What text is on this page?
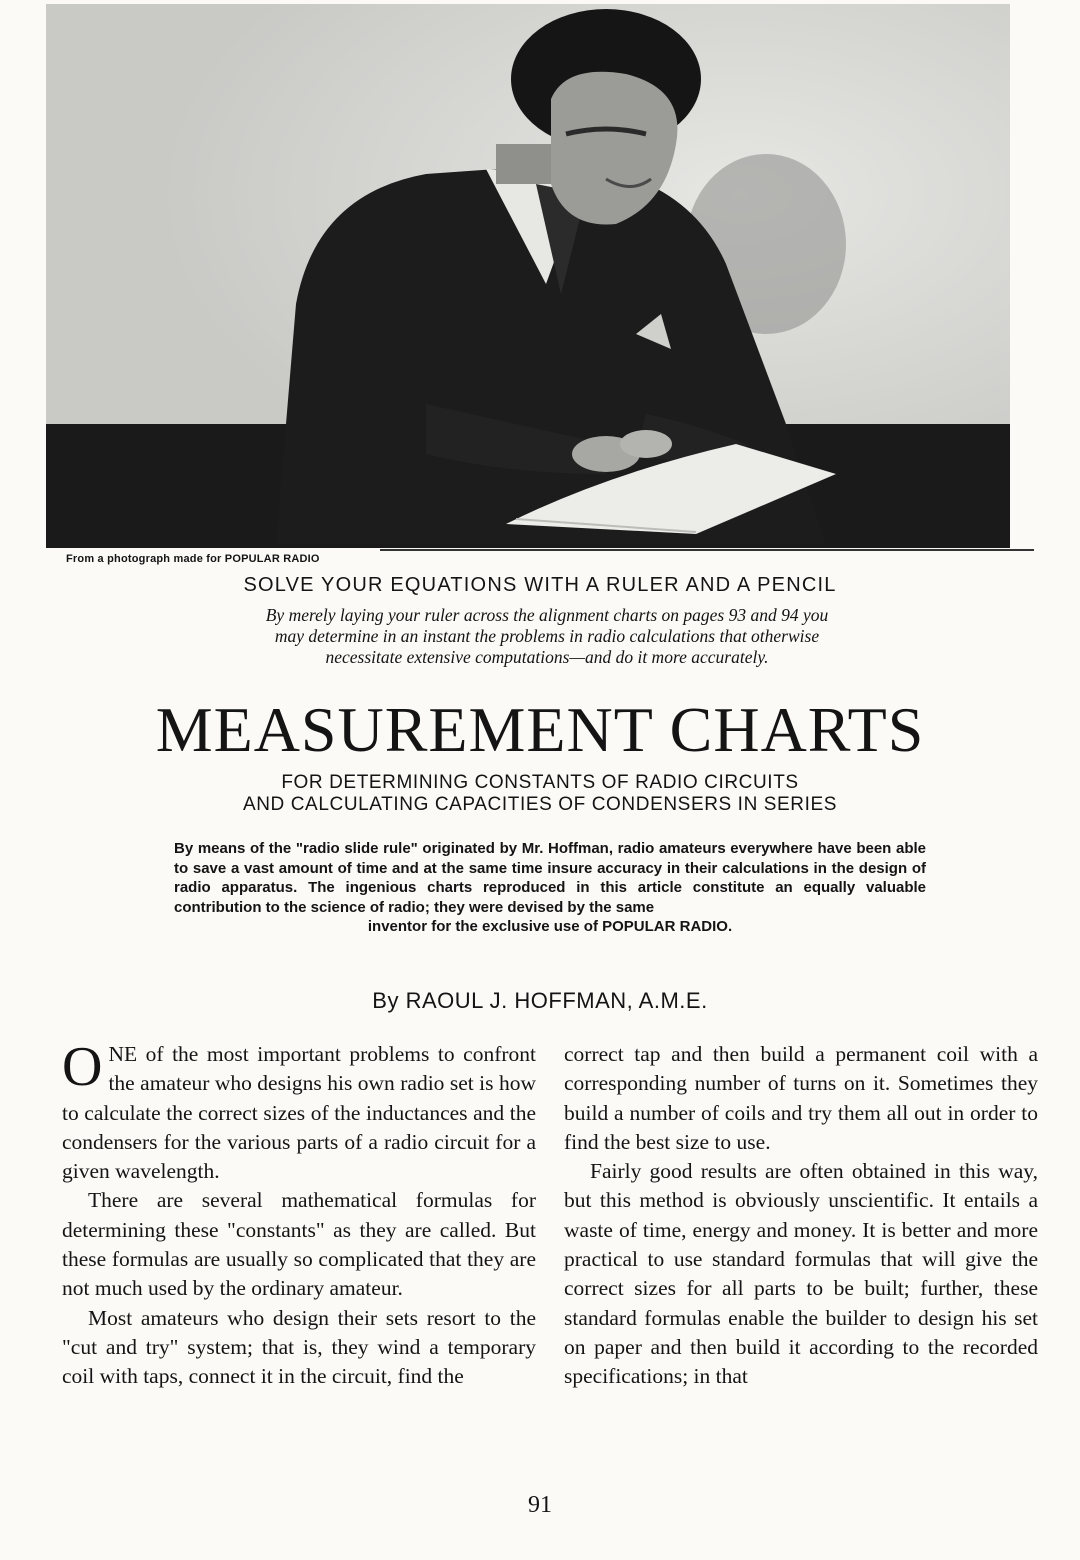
From a photograph made for POPULAR RADIO
SOLVE YOUR EQUATIONS WITH A RULER AND A PENCIL
By merely laying your ruler across the alignment charts on pages 93 and 94 you
may determine in an instant the problems in radio calculations that otherwise
necessitate extensive computations—and do it more accurately.
MEASUREMENT CHARTS
FOR DETERMINING CONSTANTS OF RADIO CIRCUITS
AND CALCULATING CAPACITIES OF CONDENSERS IN SERIES
By means of the "radio slide rule" originated by Mr. Hoffman, radio amateurs everywhere have been able to save a vast amount of time and at the same time insure accuracy in their calculations in the design of radio apparatus. The ingenious charts reproduced in this article constitute an equally valuable contribution to the science of radio; they were devised by the same
inventor for the exclusive use of POPULAR RADIO.
By RAOUL J. HOFFMAN, A.M.E.

ONE of the most important problems to confront the amateur who designs his own radio set is how to calculate the correct sizes of the inductances and the condensers for the various parts of a radio circuit for a given wavelength.

There are several mathematical formulas for determining these "constants" as they are called. But these formulas are usually so complicated that they are not much used by the ordinary amateur.

Most amateurs who design their sets resort to the "cut and try" system; that is, they wind a temporary coil with taps, connect it in the circuit, find the

correct tap and then build a permanent coil with a corresponding number of turns on it. Sometimes they build a number of coils and try them all out in order to find the best size to use.

Fairly good results are often obtained in this way, but this method is obviously unscientific. It entails a waste of time, energy and money. It is better and more practical to use standard formulas that will give the correct sizes for all parts to be built; further, these standard formulas enable the builder to design his set on paper and then build it according to the recorded specifications; in that

91
